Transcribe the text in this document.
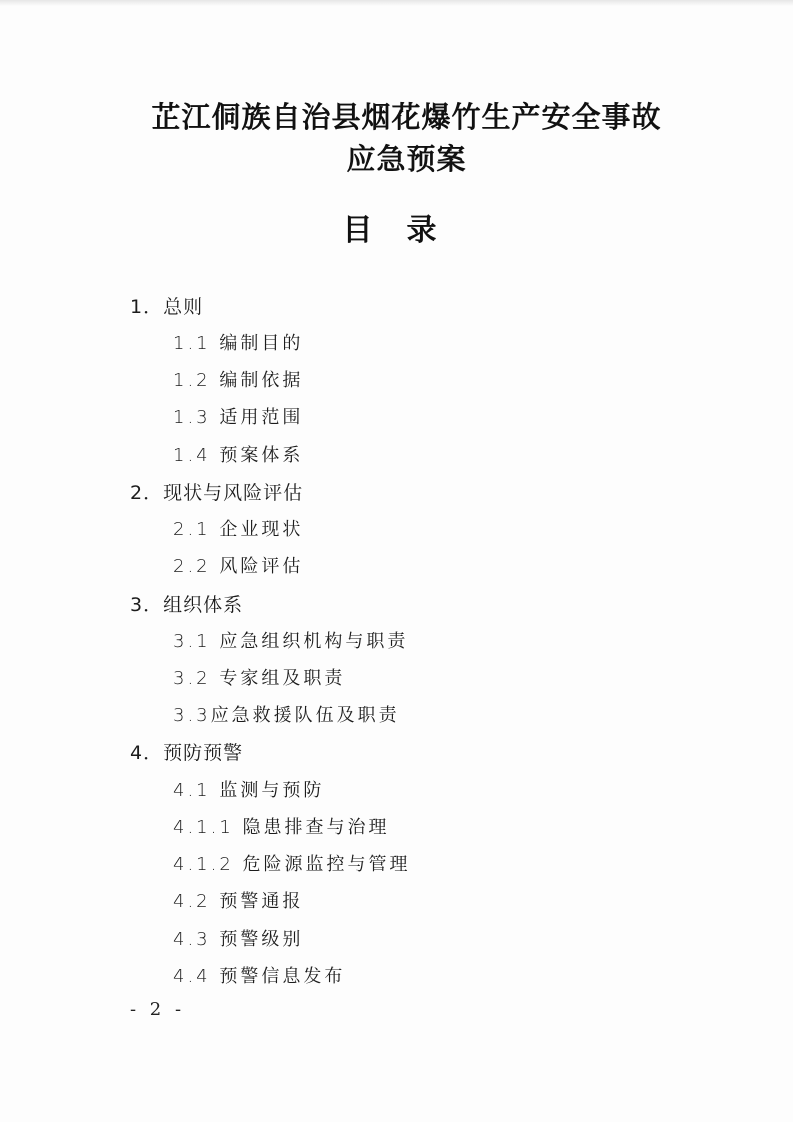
芷江侗族自治县烟花爆竹生产安全事故
应急预案
目录
1．总则
1.1 编制目的
1.2 编制依据
1.3 适用范围
1.4 预案体系
2．现状与风险评估
2.1 企业现状
2.2 风险评估
3．组织体系
3.1 应急组织机构与职责
3.2 专家组及职责
3.3应急救援队伍及职责
4．预防预警
4.1 监测与预防
4.1.1 隐患排查与治理
4.1.2 危险源监控与管理
4.2 预警通报
4.3 预警级别
4.4 预警信息发布
- 2 -
